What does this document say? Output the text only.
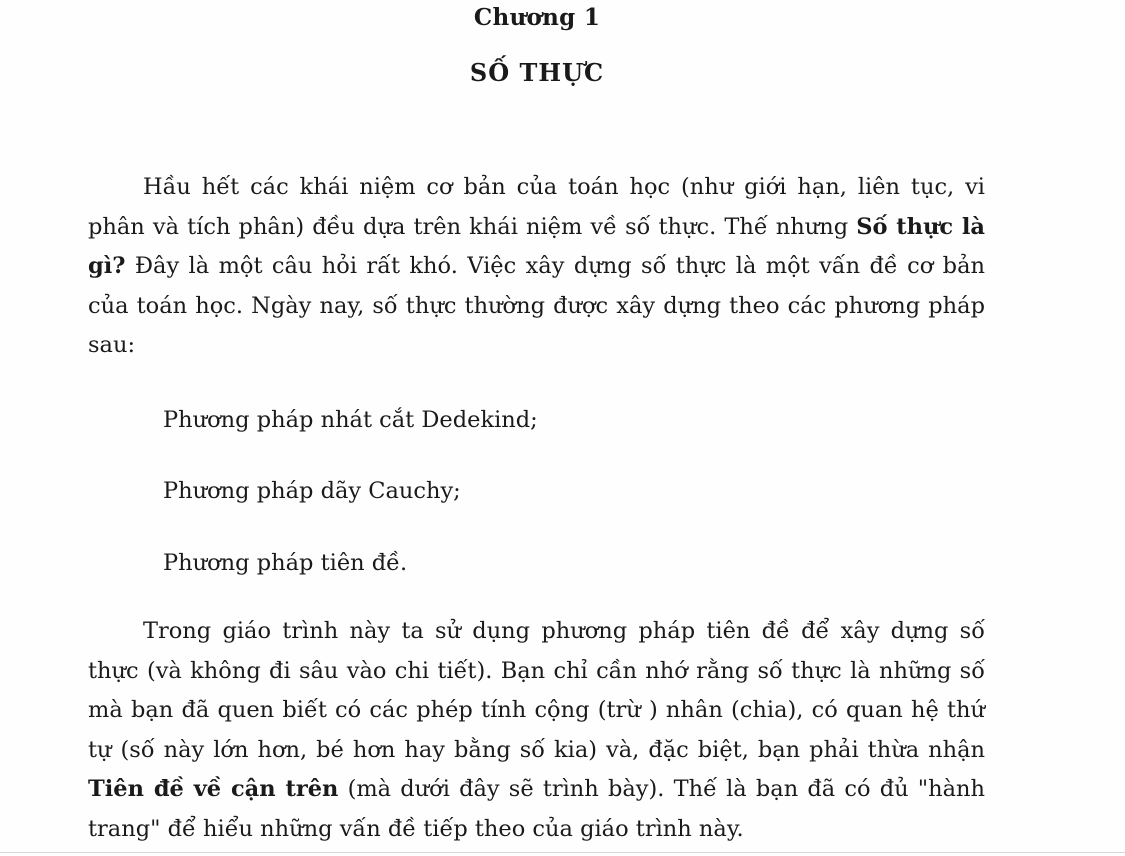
Chương 1
SỐ THỰC

Hầu hết các khái niệm cơ bản của toán học (như giới hạn, liên tục, vi phân và tích phân) đều dựa trên khái niệm về số thực. Thế nhưng Số thực là gì? Đây là một câu hỏi rất khó. Việc xây dựng số thực là một vấn đề cơ bản của toán học. Ngày nay, số thực thường được xây dựng theo các phương pháp sau:

Phương pháp nhát cắt Dedekind;
Phương pháp dãy Cauchy;
Phương pháp tiên đề.

Trong giáo trình này ta sử dụng phương pháp tiên đề để xây dựng số thực (và không đi sâu vào chi tiết). Bạn chỉ cần nhớ rằng số thực là những số mà bạn đã quen biết có các phép tính cộng (trừ ) nhân (chia), có quan hệ thứ tự (số này lớn hơn, bé hơn hay bằng số kia) và, đặc biệt, bạn phải thừa nhận Tiên đề về cận trên (mà dưới đây sẽ trình bày). Thế là bạn đã có đủ "hành trang" để hiểu những vấn đề tiếp theo của giáo trình này.
